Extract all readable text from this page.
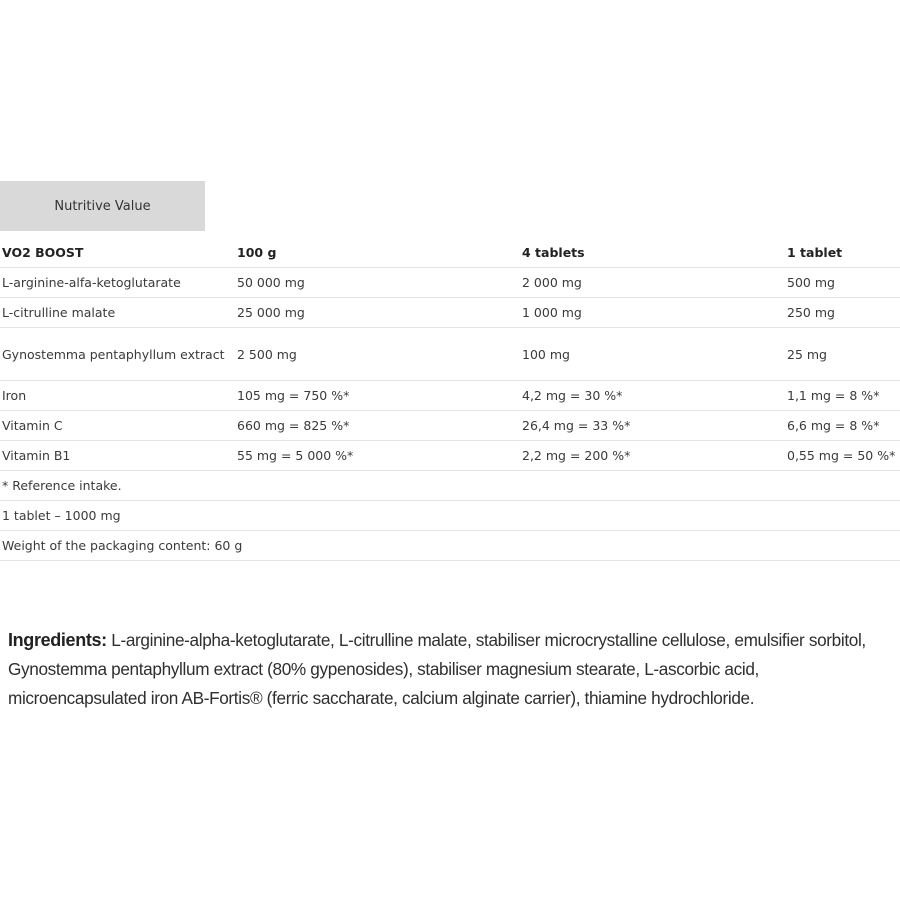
Nutritive Value
VO2 BOOST	100 g	4 tablets	1 tablet
L-arginine-alfa-ketoglutarate	50 000 mg	2 000 mg	500 mg
L-citrulline malate	25 000 mg	1 000 mg	250 mg
Gynostemma pentaphyllum extract	2 500 mg	100 mg	25 mg
Iron	105 mg = 750 %*	4,2 mg = 30 %*	1,1 mg = 8 %*
Vitamin C	660 mg = 825 %*	26,4 mg = 33 %*	6,6 mg = 8 %*
Vitamin B1	55 mg = 5 000 %*	2,2 mg = 200 %*	0,55 mg = 50 %*
* Reference intake.			
1 tablet – 1000 mg			
Weight of the packaging content: 60 g			
Ingredients: L-arginine-alpha-ketoglutarate, L-citrulline malate, stabiliser microcrystalline cellulose, emulsifier sorbitol, Gynostemma pentaphyllum extract (80% gypenosides), stabiliser magnesium stearate, L-ascorbic acid, microencapsulated iron AB-Fortis® (ferric saccharate, calcium alginate carrier), thiamine hydrochloride.
